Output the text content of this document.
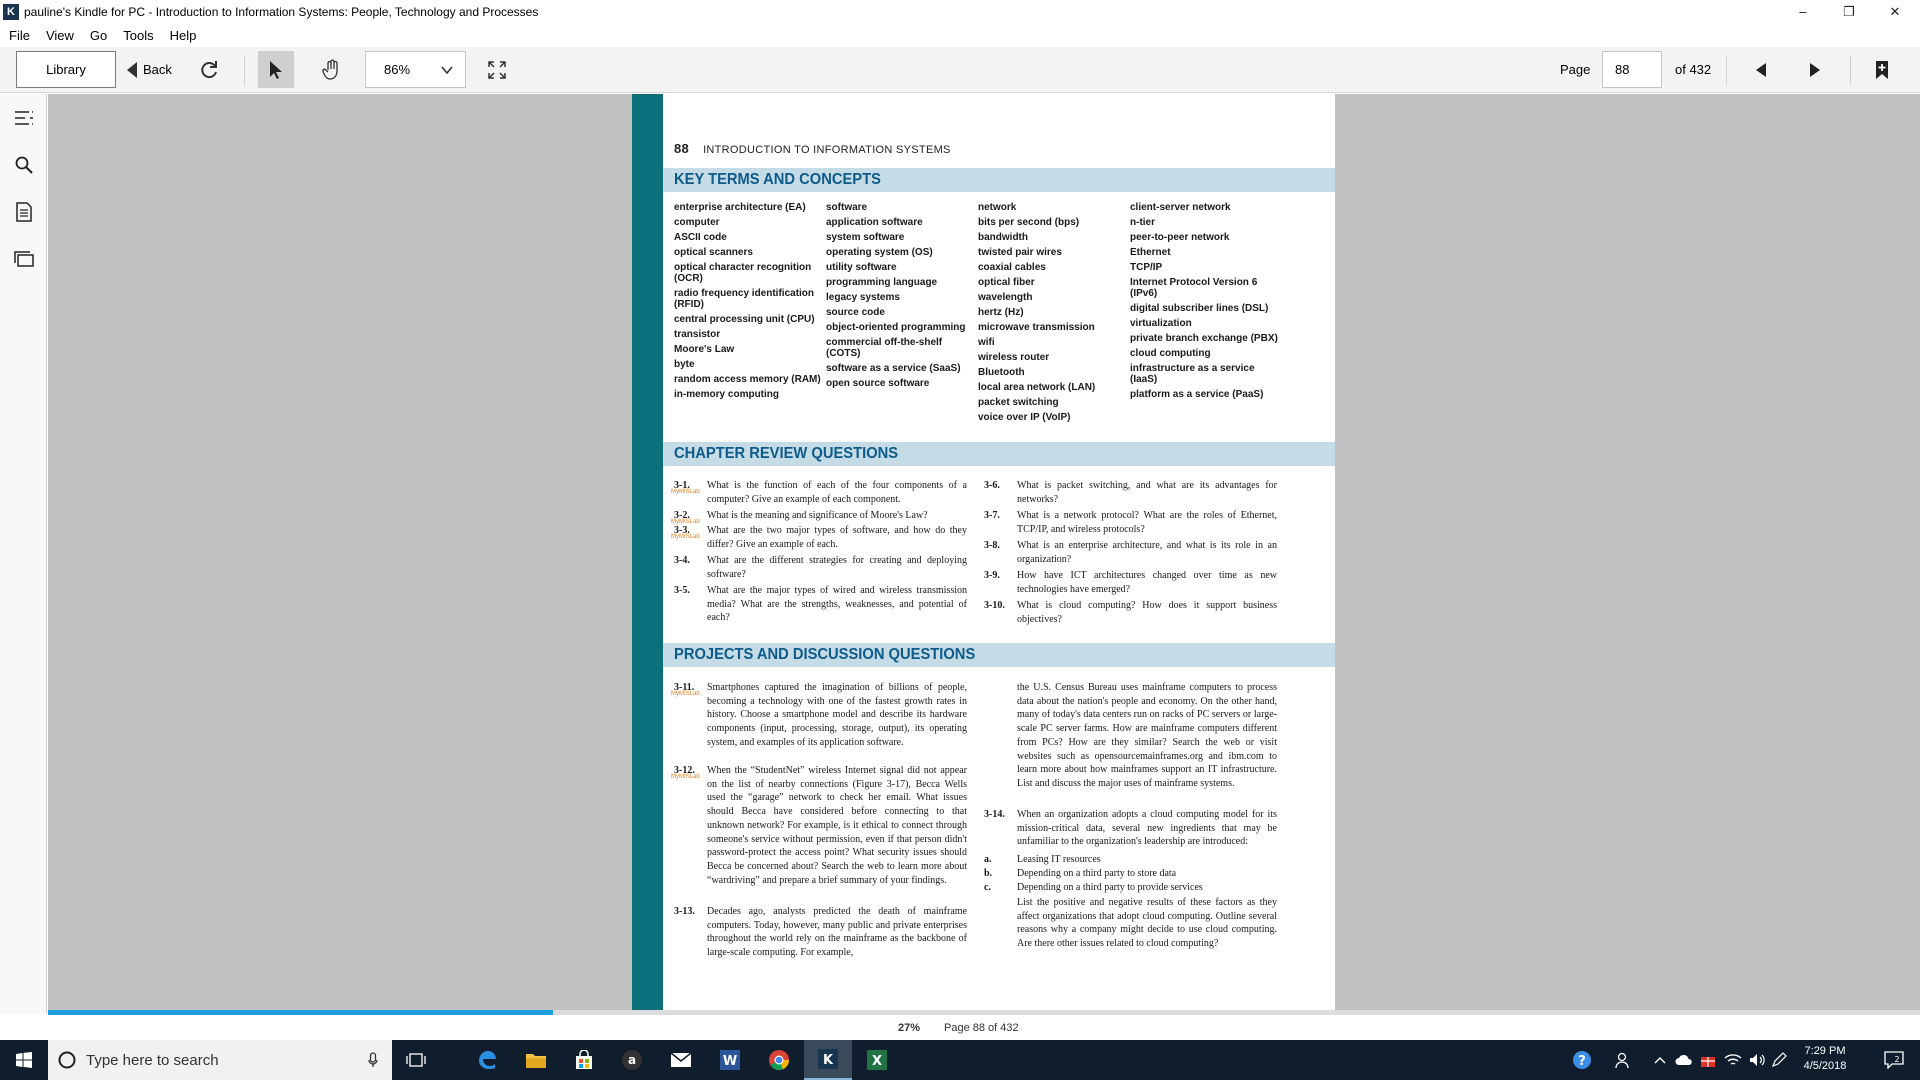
K pauline's Kindle for PC - Introduction to Information Systems: People, Technology and Processes	–	❐	✕
File	View	Go	Tools	Help
Library	Back	86%	Page	88	of 432
88 INTRODUCTION TO INFORMATION SYSTEMS
KEY TERMS AND CONCEPTS
enterprise architecture (EA)
computer
ASCII code
optical scanners
optical character recognition (OCR)
radio frequency identification (RFID)
central processing unit (CPU)
transistor
Moore's Law
byte
random access memory (RAM)
in-memory computing
software
application software
system software
operating system (OS)
utility software
programming language
legacy systems
source code
object-oriented programming
commercial off-the-shelf (COTS)
software as a service (SaaS)
open source software
network
bits per second (bps)
bandwidth
twisted pair wires
coaxial cables
optical fiber
wavelength
hertz (Hz)
microwave transmission
wifi
wireless router
Bluetooth
local area network (LAN)
packet switching
voice over IP (VoIP)
client-server network
n-tier
peer-to-peer network
Ethernet
TCP/IP
Internet Protocol Version 6 (IPv6)
digital subscriber lines (DSL)
virtualization
private branch exchange (PBX)
cloud computing
infrastructure as a service (IaaS)
platform as a service (PaaS)
CHAPTER REVIEW QUESTIONS
3-1.
MyMISLab
What is the function of each of the four components of a computer? Give an example of each component.
3-2.
MyMISLab
What is the meaning and significance of Moore's Law?
3-3.
MyMISLab
What are the two major types of software, and how do they differ? Give an example of each.
3-4. What are the different strategies for creating and deploying software?
3-5. What are the major types of wired and wireless transmission media? What are the strengths, weaknesses, and potential of each?
3-6. What is packet switching, and what are its advantages for networks?
3-7. What is a network protocol? What are the roles of Ethernet, TCP/IP, and wireless protocols?
3-8. What is an enterprise architecture, and what is its role in an organization?
3-9. How have ICT architectures changed over time as new technologies have emerged?
3-10. What is cloud computing? How does it support business objectives?
PROJECTS AND DISCUSSION QUESTIONS
3-11.
MyMISLab
Smartphones captured the imagination of billions of people, becoming a technology with one of the fastest growth rates in history. Choose a smartphone model and describe its hardware components (input, processing, storage, output), its operating system, and examples of its application software.
3-12.
MyMISLab
When the “StudentNet” wireless Internet signal did not appear on the list of nearby connections (Figure 3-17), Becca Wells used the “garage” network to check her email. What issues should Becca have considered before connecting to that unknown network? For example, is it ethical to connect through someone's service without permission, even if that person didn't password-protect the access point? What security issues should Becca be concerned about? Search the web to learn more about “wardriving” and prepare a brief summary of your findings.
3-13. Decades ago, analysts predicted the death of mainframe computers. Today, however, many public and private enterprises throughout the world rely on the mainframe as the backbone of large-scale computing. For example,
the U.S. Census Bureau uses mainframe computers to process data about the nation's people and economy. On the other hand, many of today's data centers run on racks of PC servers or large-scale PC server farms. How are mainframe computers different from PCs? How are they similar? Search the web or visit websites such as opensourcemainframes.org and ibm.com to learn more about how mainframes support an IT infrastructure. List and discuss the major uses of mainframe systems.
3-14. When an organization adopts a cloud computing model for its mission-critical data, several new ingredients that may be unfamiliar to the organization's leadership are introduced:
a.	Leasing IT resources
b. Depending on a third party to store data
c.	Depending on a third party to provide services
List the positive and negative results of these factors as they affect organizations that adopt cloud computing. Outline several reasons why a company might decide to use cloud computing. Are there other issues related to cloud computing?
27% Page 88 of 432
Type here to search	a	W	K	X	?
7:29 PM
4/5/2018
2
